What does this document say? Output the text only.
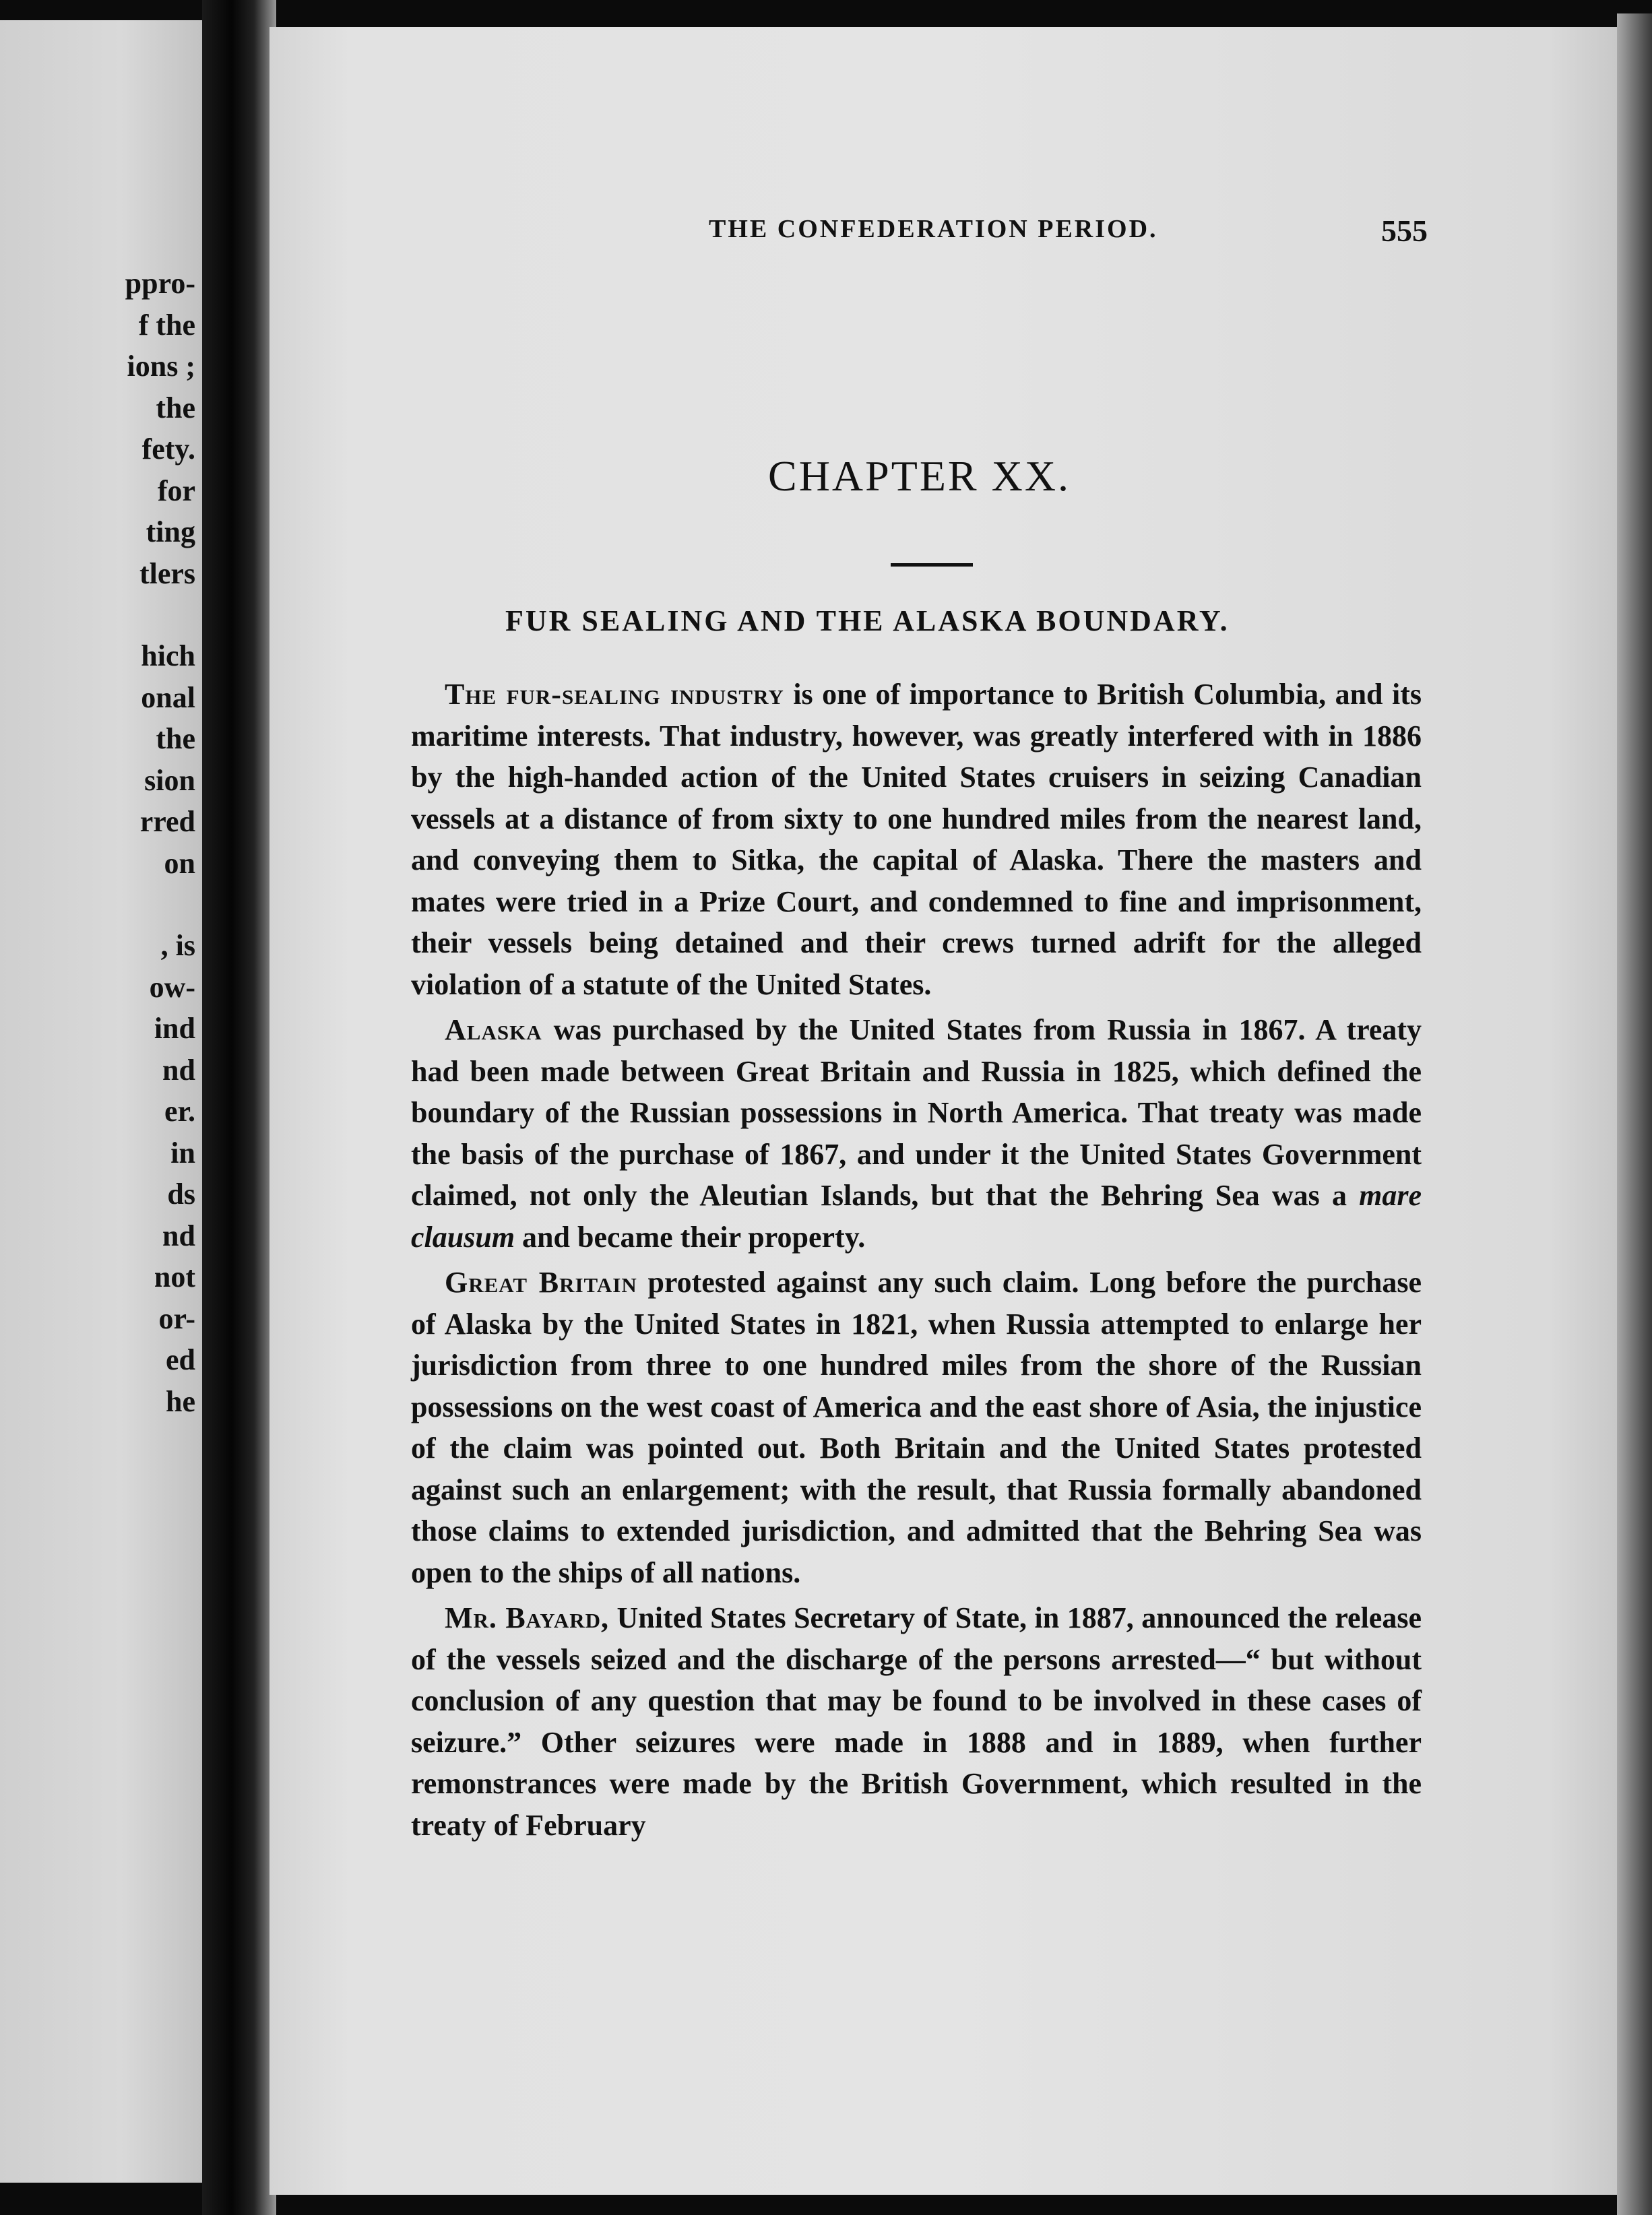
ppro-
f the
ions ;
the
fety.
for
ting
tlers
hich
onal
the
sion
rred
on
, is
ow-
ind
nd
er.
in
ds
nd
not
or-
ed
he
THE CONFEDERATION PERIOD.	555
CHAPTER XX.
FUR SEALING AND THE ALASKA BOUNDARY.

The fur-sealing industry is one of importance to British Columbia, and its maritime interests. That industry, however, was greatly interfered with in 1886 by the high-handed action of the United States cruisers in seizing Canadian vessels at a distance of from sixty to one hundred miles from the nearest land, and conveying them to Sitka, the capital of Alaska. There the masters and mates were tried in a Prize Court, and condemned to fine and imprisonment, their vessels being detained and their crews turned adrift for the alleged violation of a statute of the United States.

Alaska was purchased by the United States from Russia in 1867. A treaty had been made between Great Britain and Russia in 1825, which defined the boundary of the Russian possessions in North America. That treaty was made the basis of the purchase of 1867, and under it the United States Government claimed, not only the Aleutian Islands, but that the Behring Sea was a mare clausum and became their property.

Great Britain protested against any such claim. Long before the purchase of Alaska by the United States in 1821, when Russia attempted to enlarge her jurisdiction from three to one hundred miles from the shore of the Russian possessions on the west coast of America and the east shore of Asia, the injustice of the claim was pointed out. Both Britain and the United States protested against such an enlargement; with the result, that Russia formally abandoned those claims to extended jurisdiction, and admitted that the Behring Sea was open to the ships of all nations.

Mr. Bayard, United States Secretary of State, in 1887, announced the release of the vessels seized and the discharge of the persons arrested—“ but without conclusion of any question that may be found to be involved in these cases of seizure.” Other seizures were made in 1888 and in 1889, when further remonstrances were made by the British Government, which resulted in the treaty of February
